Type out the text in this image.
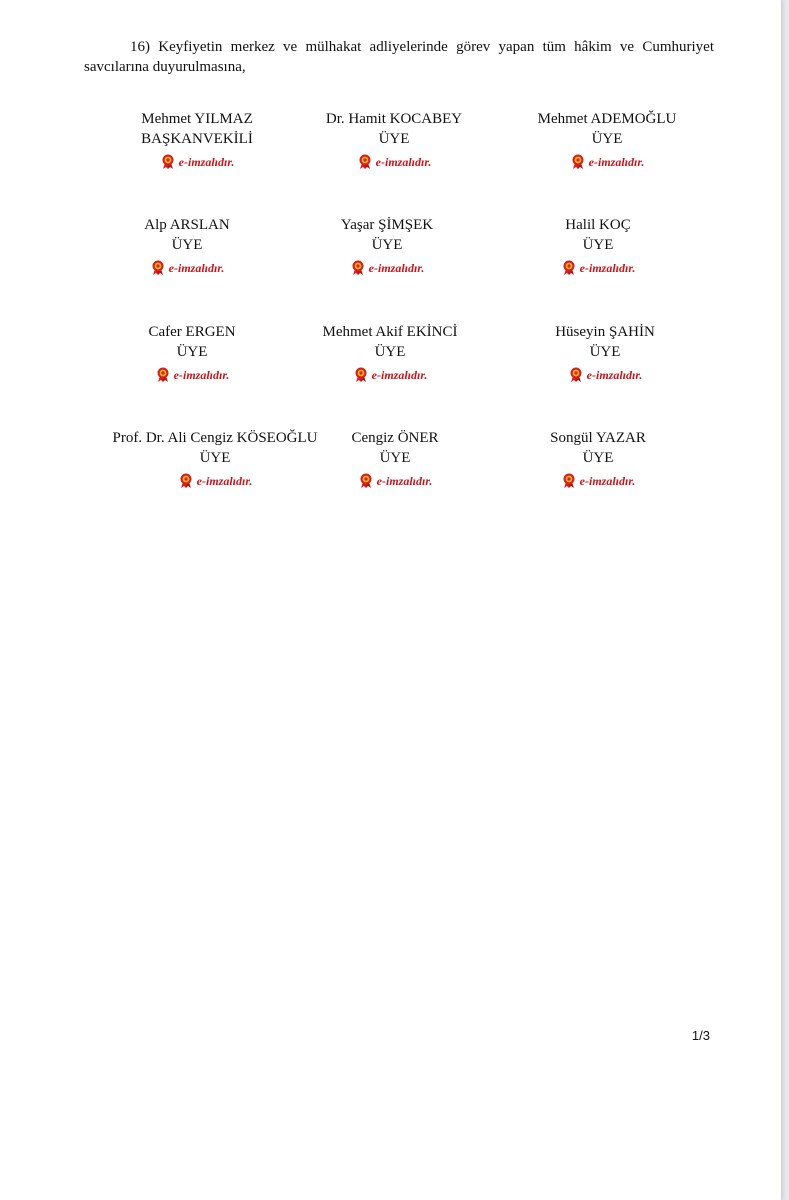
16) Keyfiyetin merkez ve mülhakat adliyelerinde görev yapan tüm hâkim ve Cumhuriyet
savcılarına duyurulmasına,
Mehmet YILMAZ
BAŞKANVEKİLİ
e-imzalıdır.
Dr. Hamit KOCABEY
ÜYE
e-imzalıdır.
Mehmet ADEMOĞLU
ÜYE
e-imzalıdır.
Alp ARSLAN
ÜYE
e-imzalıdır.
Yaşar ŞİMŞEK
ÜYE
e-imzalıdır.
Halil KOÇ
ÜYE
e-imzalıdır.
Cafer ERGEN
ÜYE
e-imzalıdır.
Mehmet Akif EKİNCİ
ÜYE
e-imzalıdır.
Hüseyin ŞAHİN
ÜYE
e-imzalıdır.
Prof. Dr. Ali Cengiz KÖSEOĞLU
ÜYE
e-imzalıdır.
Cengiz ÖNER
ÜYE
e-imzalıdır.
Songül YAZAR
ÜYE
e-imzalıdır.
1/3
